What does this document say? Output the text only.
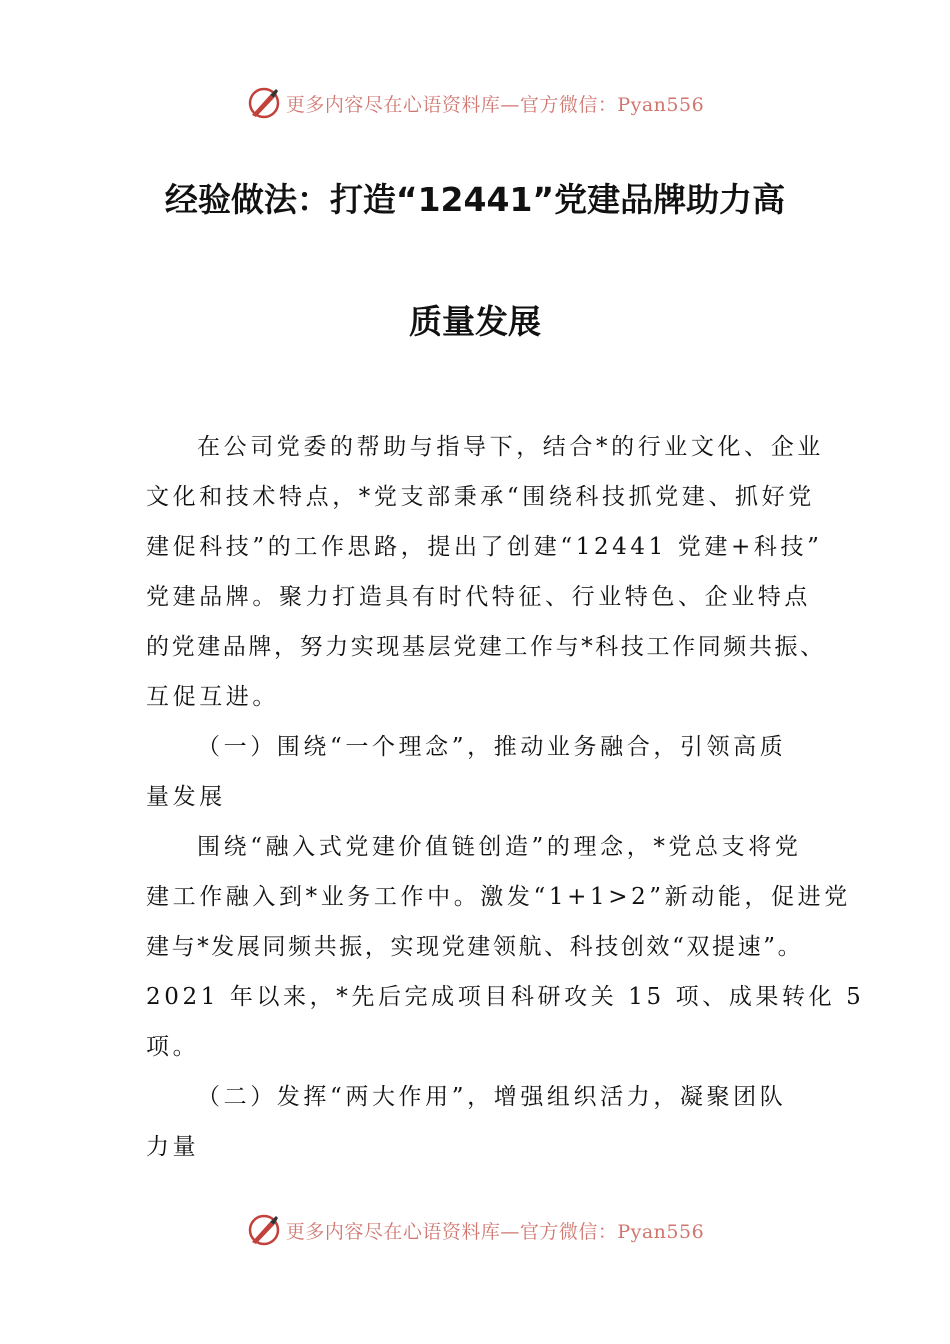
更多内容尽在心语资料库—官方微信：Pyan556
经验做法：打造“12441”党建品牌助力高
质量发展
在公司党委的帮助与指导下，结合*的行业文化、企业
文化和技术特点，*党支部秉承“围绕科技抓党建、抓好党
建促科技”的工作思路，提出了创建“12441 党建+科技”
党建品牌。聚力打造具有时代特征、行业特色、企业特点
的党建品牌，努力实现基层党建工作与*科技工作同频共振、
互促互进。
（一）围绕“一个理念”，推动业务融合，引领高质
量发展
围绕“融入式党建价值链创造”的理念，*党总支将党
建工作融入到*业务工作中。激发“1+1>2”新动能，促进党
建与*发展同频共振，实现党建领航、科技创效“双提速”。
2021 年以来，*先后完成项目科研攻关 15 项、成果转化 5
项。
（二）发挥“两大作用”，增强组织活力，凝聚团队
力量
更多内容尽在心语资料库—官方微信：Pyan556
